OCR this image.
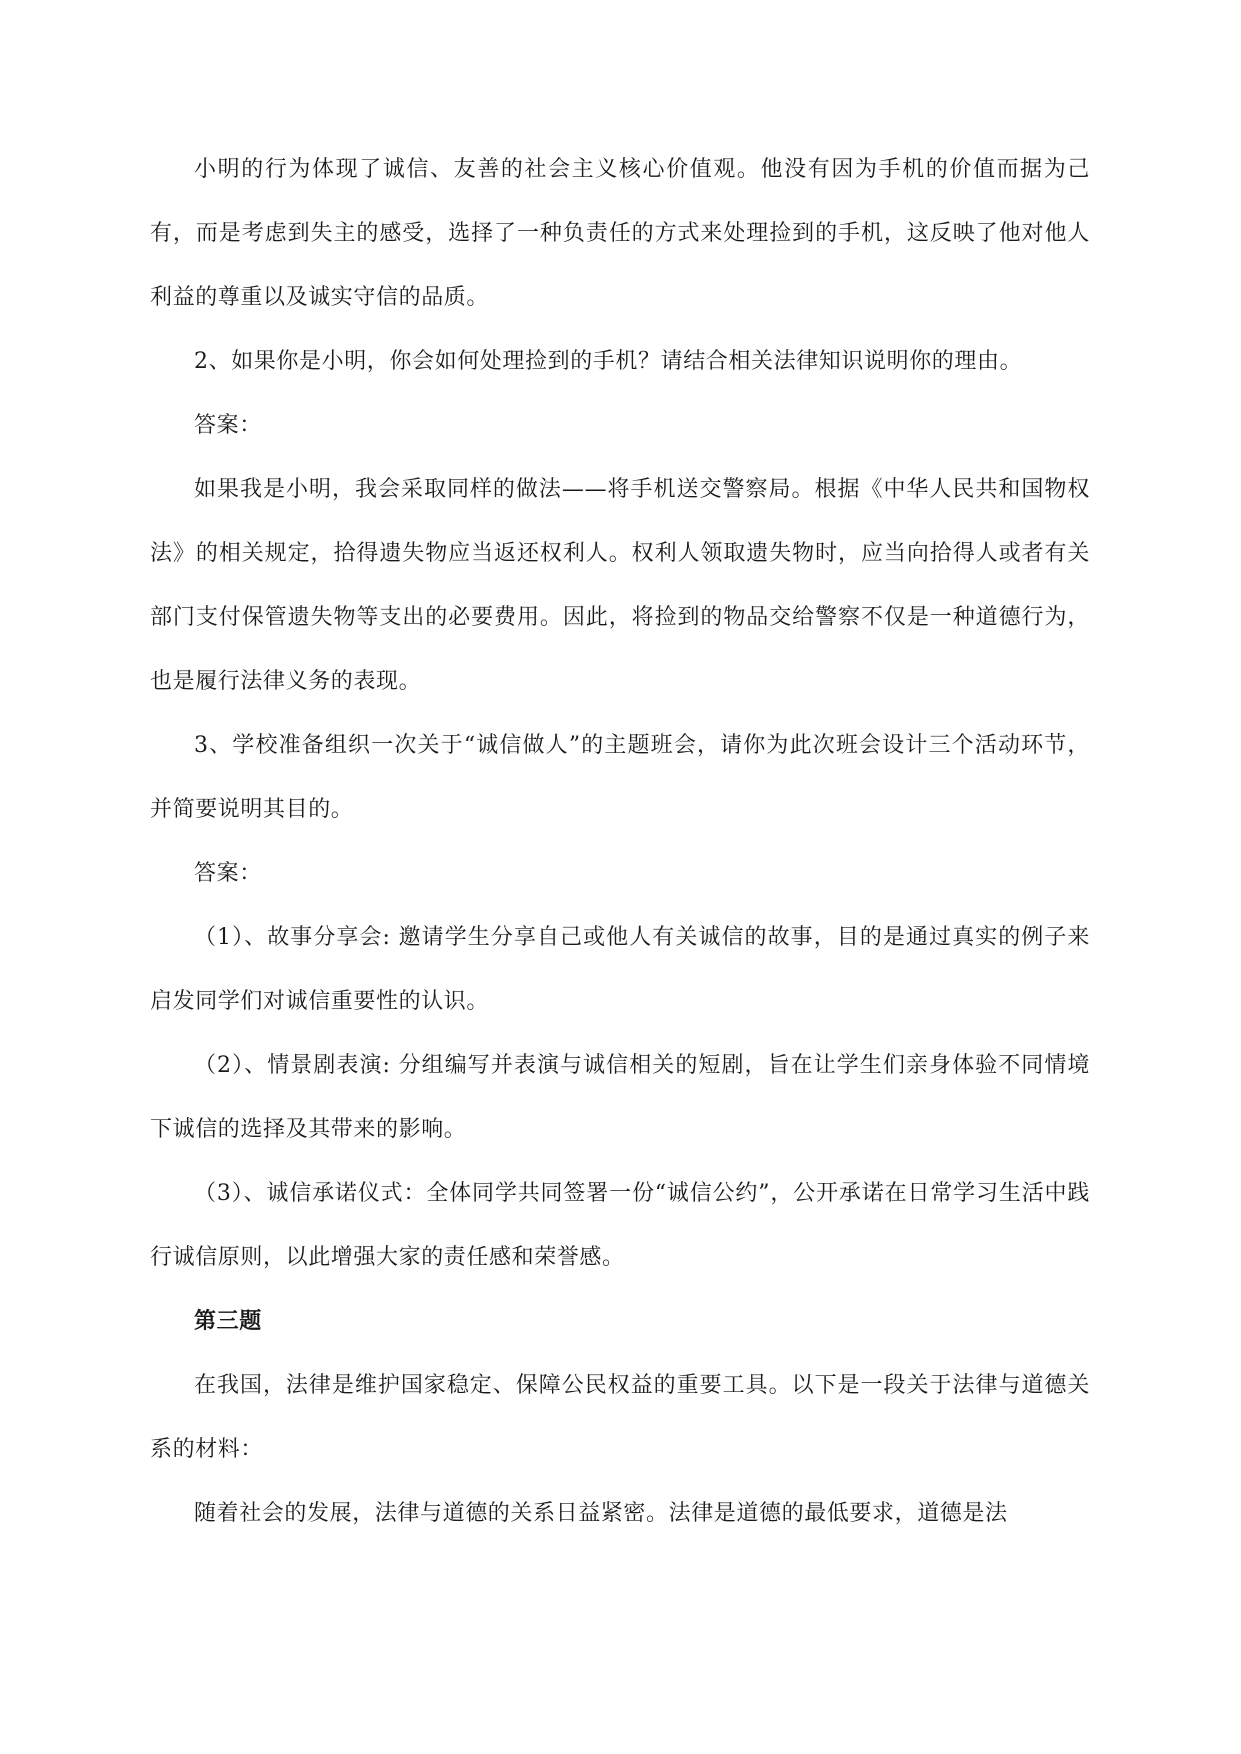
小明的行为体现了诚信、友善的社会主义核心价值观。他没有因为手机的价值而据为己有，而是考虑到失主的感受，选择了一种负责任的方式来处理捡到的手机，这反映了他对他人利益的尊重以及诚实守信的品质。

2、如果你是小明，你会如何处理捡到的手机？请结合相关法律知识说明你的理由。

答案：

如果我是小明，我会采取同样的做法——将手机送交警察局。根据《中华人民共和国物权法》的相关规定，拾得遗失物应当返还权利人。权利人领取遗失物时，应当向拾得人或者有关部门支付保管遗失物等支出的必要费用。因此，将捡到的物品交给警察不仅是一种道德行为，也是履行法律义务的表现。

3、学校准备组织一次关于“诚信做人”的主题班会，请你为此次班会设计三个活动环节，并简要说明其目的。

答案：

（1）、故事分享会: 邀请学生分享自己或他人有关诚信的故事，目的是通过真实的例子来启发同学们对诚信重要性的认识。

（2）、情景剧表演: 分组编写并表演与诚信相关的短剧，旨在让学生们亲身体验不同情境下诚信的选择及其带来的影响。

（3）、诚信承诺仪式：全体同学共同签署一份“诚信公约”，公开承诺在日常学习生活中践行诚信原则，以此增强大家的责任感和荣誉感。

第三题

在我国，法律是维护国家稳定、保障公民权益的重要工具。以下是一段关于法律与道德关系的材料：

随着社会的发展，法律与道德的关系日益紧密。法律是道德的最低要求，道德是法
